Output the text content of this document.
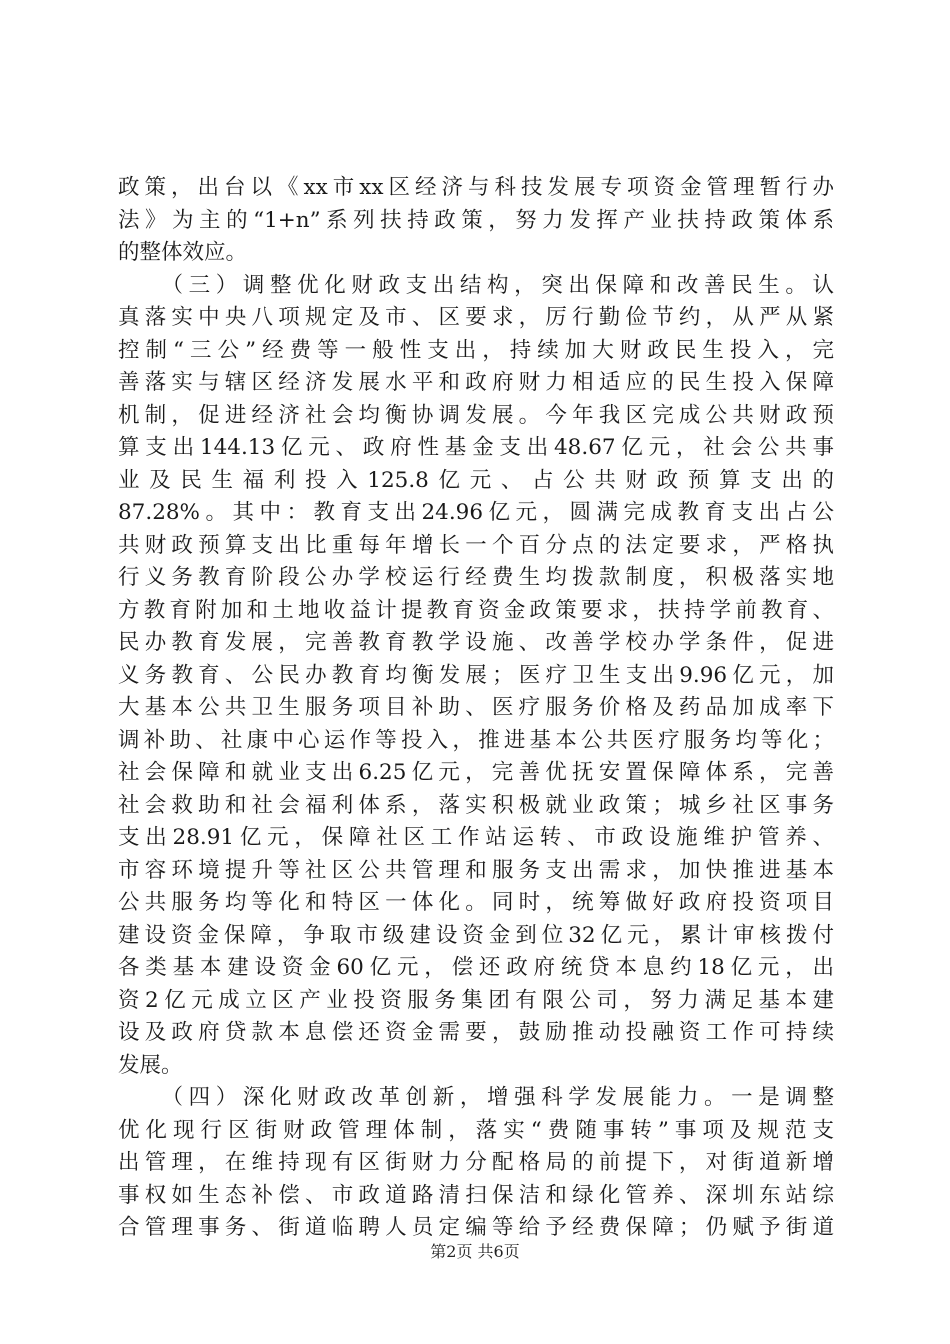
政策，出台以《xx市xx区经济与科技发展专项资金管理暂行办
法》为主的“1+n”系列扶持政策，努力发挥产业扶持政策体系
的整体效应。
　　（三）调整优化财政支出结构，突出保障和改善民生。认
真落实中央八项规定及市、区要求，厉行勤俭节约，从严从紧
控制“三公”经费等一般性支出，持续加大财政民生投入，完
善落实与辖区经济发展水平和政府财力相适应的民生投入保障
机制，促进经济社会均衡协调发展。今年我区完成公共财政预
算支出144.13亿元、政府性基金支出48.67亿元，社会公共事
业及民生福利投入125.8亿元、占公共财政预算支出的
87.28%。其中：教育支出24.96亿元，圆满完成教育支出占公
共财政预算支出比重每年增长一个百分点的法定要求，严格执
行义务教育阶段公办学校运行经费生均拨款制度，积极落实地
方教育附加和土地收益计提教育资金政策要求，扶持学前教育、
民办教育发展，完善教育教学设施、改善学校办学条件，促进
义务教育、公民办教育均衡发展；医疗卫生支出9.96亿元，加
大基本公共卫生服务项目补助、医疗服务价格及药品加成率下
调补助、社康中心运作等投入，推进基本公共医疗服务均等化；
社会保障和就业支出6.25亿元，完善优抚安置保障体系，完善
社会救助和社会福利体系，落实积极就业政策；城乡社区事务
支出28.91亿元，保障社区工作站运转、市政设施维护管养、
市容环境提升等社区公共管理和服务支出需求，加快推进基本
公共服务均等化和特区一体化。同时，统筹做好政府投资项目
建设资金保障，争取市级建设资金到位32亿元，累计审核拨付
各类基本建设资金60亿元，偿还政府统贷本息约18亿元，出
资2亿元成立区产业投资服务集团有限公司，努力满足基本建
设及政府贷款本息偿还资金需要，鼓励推动投融资工作可持续
发展。
　　（四）深化财政改革创新，增强科学发展能力。一是调整
优化现行区街财政管理体制，落实“费随事转”事项及规范支
出管理，在维持现有区街财力分配格局的前提下，对街道新增
事权如生态补偿、市政道路清扫保洁和绿化管养、深圳东站综
合管理事务、街道临聘人员定编等给予经费保障；仍赋予街道
第2页 共6页
